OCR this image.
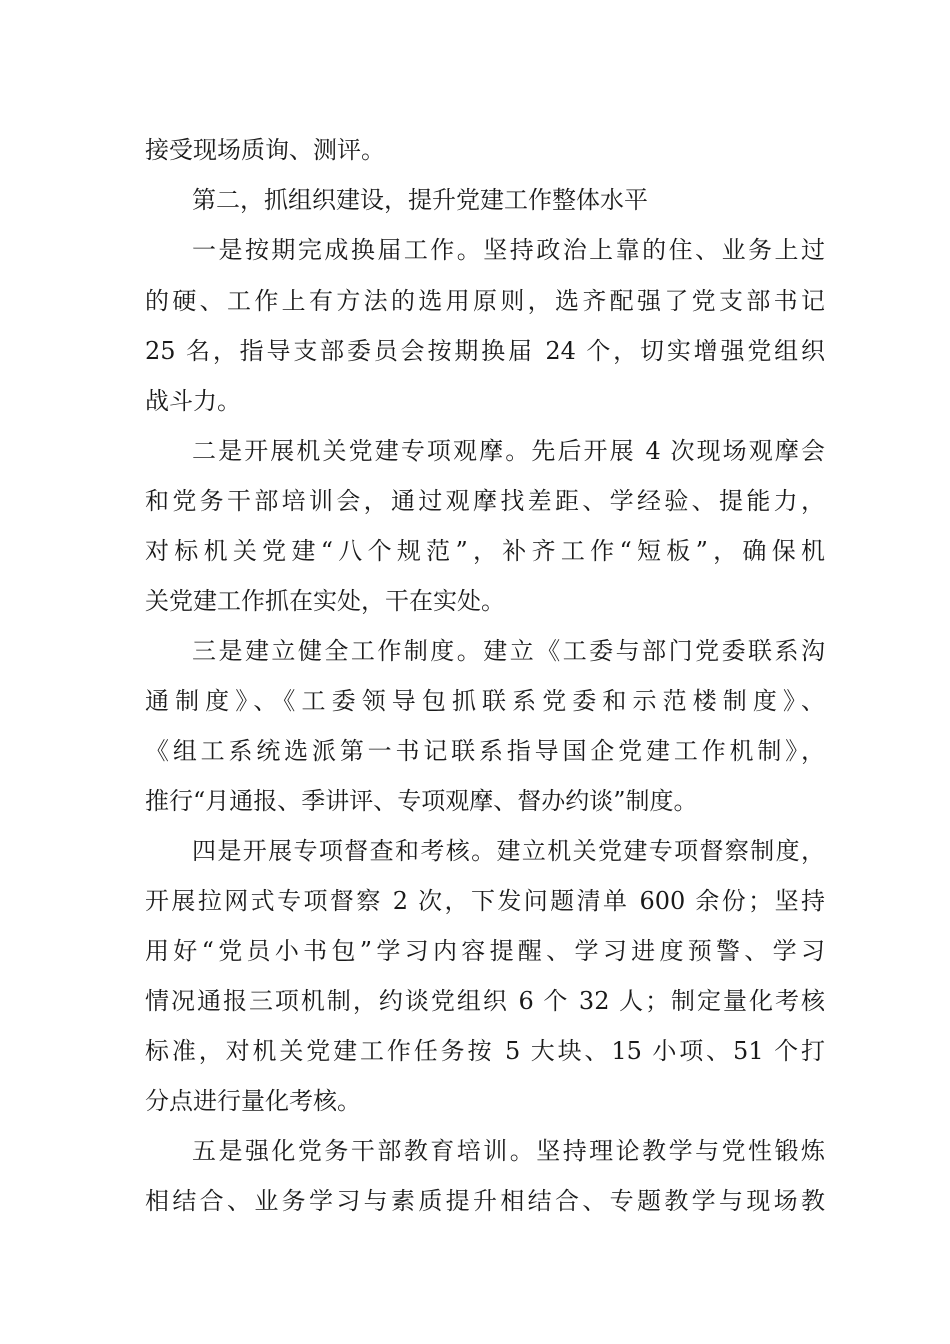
接受现场质询、测评。
第二，抓组织建设，提升党建工作整体水平
一是按期完成换届工作。坚持政治上靠的住、业务上过
的硬、工作上有方法的选用原则，选齐配强了党支部书记
25 名，指导支部委员会按期换届 24 个，切实增强党组织
战斗力。
二是开展机关党建专项观摩。先后开展 4 次现场观摩会
和党务干部培训会，通过观摩找差距、学经验、提能力，
对标机关党建“八个规范”，补齐工作“短板”，确保机
关党建工作抓在实处，干在实处。
三是建立健全工作制度。建立《工委与部门党委联系沟
通制度》、《工委领导包抓联系党委和示范楼制度》、
《组工系统选派第一书记联系指导国企党建工作机制》，
推行“月通报、季讲评、专项观摩、督办约谈”制度。
四是开展专项督查和考核。建立机关党建专项督察制度，
开展拉网式专项督察 2 次，下发问题清单 600 余份；坚持
用好“党员小书包”学习内容提醒、学习进度预警、学习
情况通报三项机制，约谈党组织 6 个 32 人；制定量化考核
标准，对机关党建工作任务按 5 大块、15 小项、51 个打
分点进行量化考核。
五是强化党务干部教育培训。坚持理论教学与党性锻炼
相结合、业务学习与素质提升相结合、专题教学与现场教
